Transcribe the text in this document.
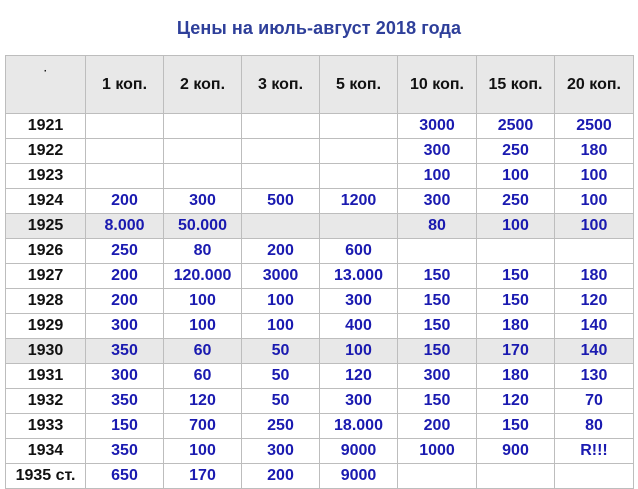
Цены на июль-август 2018 года
·	1 коп.	2 коп.	3 коп.	5 коп.	10 коп.	15 коп.	20 коп.
1921					3000	2500	2500
1922					300	250	180
1923					100	100	100
1924	200	300	500	1200	300	250	100
1925	8.000	50.000			80	100	100
1926	250	80	200	600			
1927	200	120.000	3000	13.000	150	150	180
1928	200	100	100	300	150	150	120
1929	300	100	100	400	150	180	140
1930	350	60	50	100	150	170	140
1931	300	60	50	120	300	180	130
1932	350	120	50	300	150	120	70
1933	150	700	250	18.000	200	150	80
1934	350	100	300	9000	1000	900	R!!!
1935 ст.	650	170	200	9000			
